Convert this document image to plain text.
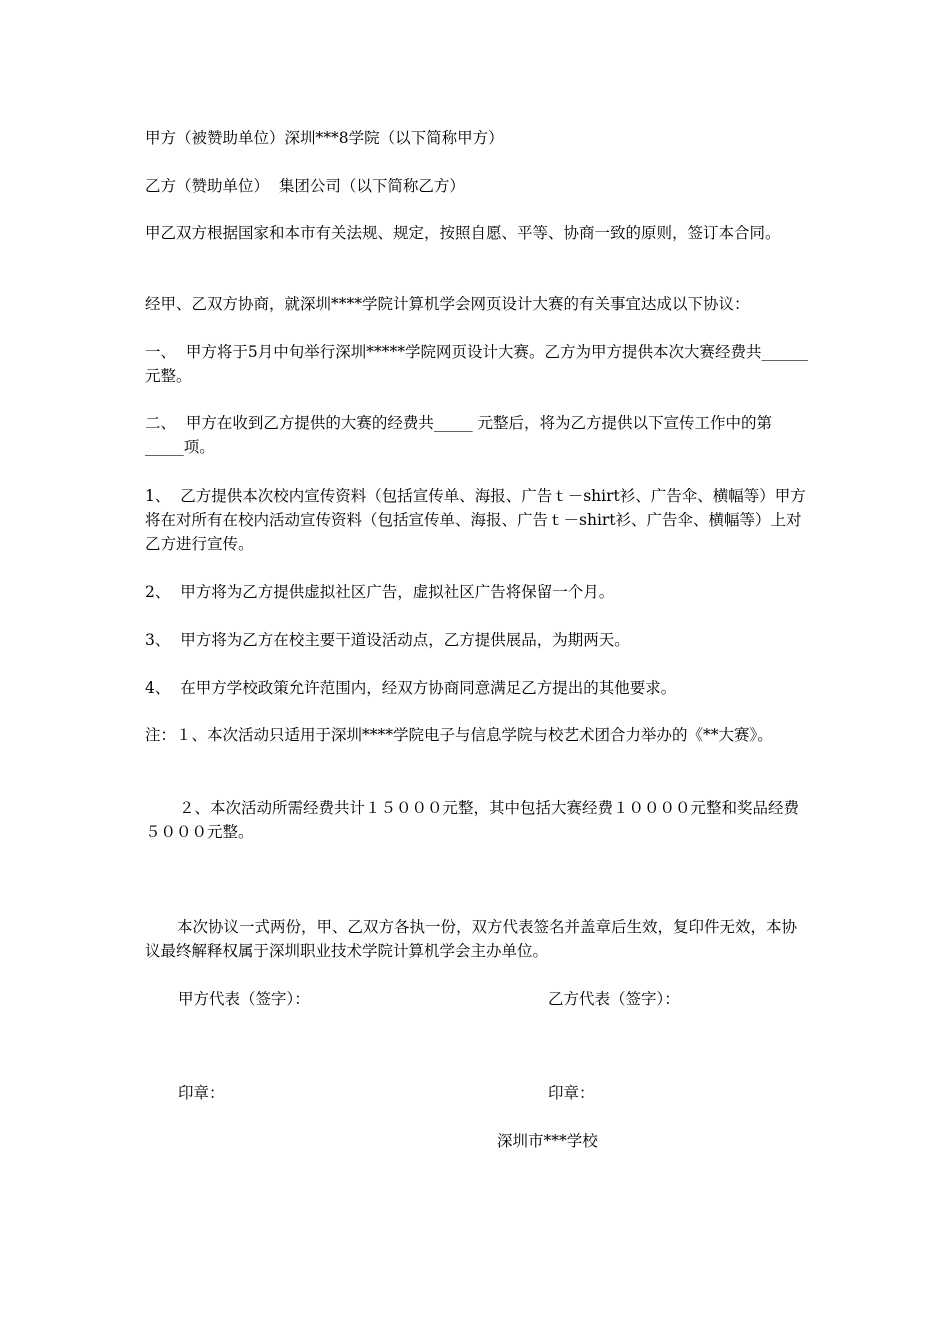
甲方（被赞助单位）深圳***8学院（以下简称甲方）

乙方（赞助单位）  集团公司（以下简称乙方）

甲乙双方根据国家和本市有关法规、规定，按照自愿、平等、协商一致的原则，签订本合同。

经甲、乙双方协商，就深圳****学院计算机学会网页设计大赛的有关事宜达成以下协议：

一、  甲方将于5月中旬举行深圳*****学院网页设计大赛。乙方为甲方提供本次大赛经费共______元整。

二、  甲方在收到乙方提供的大赛的经费共_____ 元整后，将为乙方提供以下宣传工作中的第_____项。

1、  乙方提供本次校内宣传资料（包括宣传单、海报、广告ｔ－shirt衫、广告伞、横幅等）甲方将在对所有在校内活动宣传资料（包括宣传单、海报、广告ｔ－shirt衫、广告伞、横幅等）上对乙方进行宣传。

2、  甲方将为乙方提供虚拟社区广告，虚拟社区广告将保留一个月。

3、  甲方将为乙方在校主要干道设活动点，乙方提供展品，为期两天。

4、  在甲方学校政策允许范围内，经双方协商同意满足乙方提出的其他要求。

注：１、本次活动只适用于深圳****学院电子与信息学院与校艺术团合力举办的《**大赛》。

２、本次活动所需经费共计１５０００元整，其中包括大赛经费１００００元整和奖品经费５０００元整。

本次协议一式两份，甲、乙双方各执一份，双方代表签名并盖章后生效，复印件无效，本协议最终解释权属于深圳职业技术学院计算机学会主办单位。

甲方代表（签字）：	乙方代表（签字）：

印章：	印章：

深圳市***学校
